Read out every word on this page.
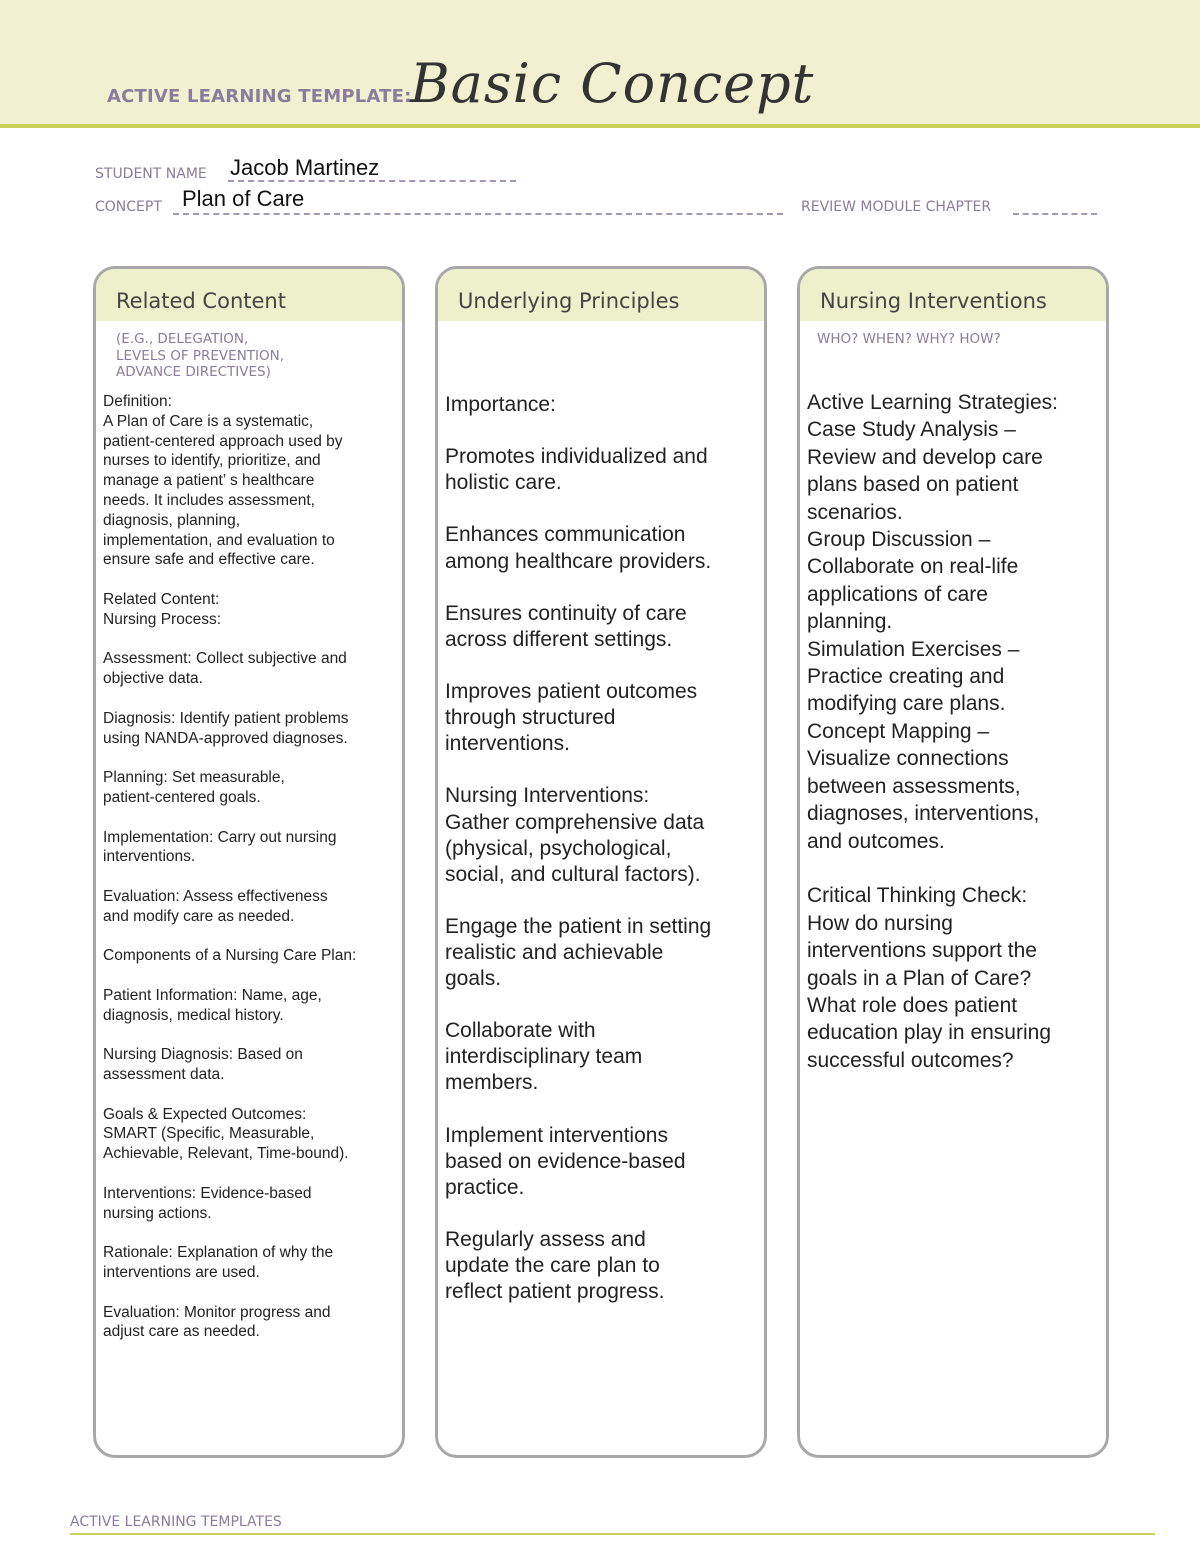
ACTIVE LEARNING TEMPLATE:
Basic Concept
STUDENT NAME Jacob Martinez
CONCEPT Plan of Care	REVIEW MODULE CHAPTER
Related Content
(E.G., DELEGATION,
LEVELS OF PREVENTION,
ADVANCE DIRECTIVES)
Definition:
A Plan of Care is a systematic,
patient-centered approach used by
nurses to identify, prioritize, and
manage a patient’ s healthcare
needs. It includes assessment,
diagnosis, planning,
implementation, and evaluation to
ensure safe and effective care.

Related Content:
Nursing Process:

Assessment: Collect subjective and
objective data.

Diagnosis: Identify patient problems
using NANDA-approved diagnoses.

Planning: Set measurable,
patient-centered goals.

Implementation: Carry out nursing
interventions.

Evaluation: Assess effectiveness
and modify care as needed.

Components of a Nursing Care Plan:

Patient Information: Name, age,
diagnosis, medical history.

Nursing Diagnosis: Based on
assessment data.

Goals & Expected Outcomes:
SMART (Specific, Measurable,
Achievable, Relevant, Time-bound).

Interventions: Evidence-based
nursing actions.

Rationale: Explanation of why the
interventions are used.

Evaluation: Monitor progress and
adjust care as needed.
Underlying Principles
Importance:

Promotes individualized and
holistic care.

Enhances communication
among healthcare providers.

Ensures continuity of care
across different settings.

Improves patient outcomes
through structured
interventions.

Nursing Interventions:
Gather comprehensive data
(physical, psychological,
social, and cultural factors).

Engage the patient in setting
realistic and achievable
goals.

Collaborate with
interdisciplinary team
members.

Implement interventions
based on evidence-based
practice.

Regularly assess and
update the care plan to
reflect patient progress.
Nursing Interventions
WHO? WHEN? WHY? HOW?
Active Learning Strategies:
Case Study Analysis –
Review and develop care
plans based on patient
scenarios.
Group Discussion –
Collaborate on real-life
applications of care
planning.
Simulation Exercises –
Practice creating and
modifying care plans.
Concept Mapping –
Visualize connections
between assessments,
diagnoses, interventions,
and outcomes.

Critical Thinking Check:
How do nursing
interventions support the
goals in a Plan of Care?
What role does patient
education play in ensuring
successful outcomes?
ACTIVE LEARNING TEMPLATES
